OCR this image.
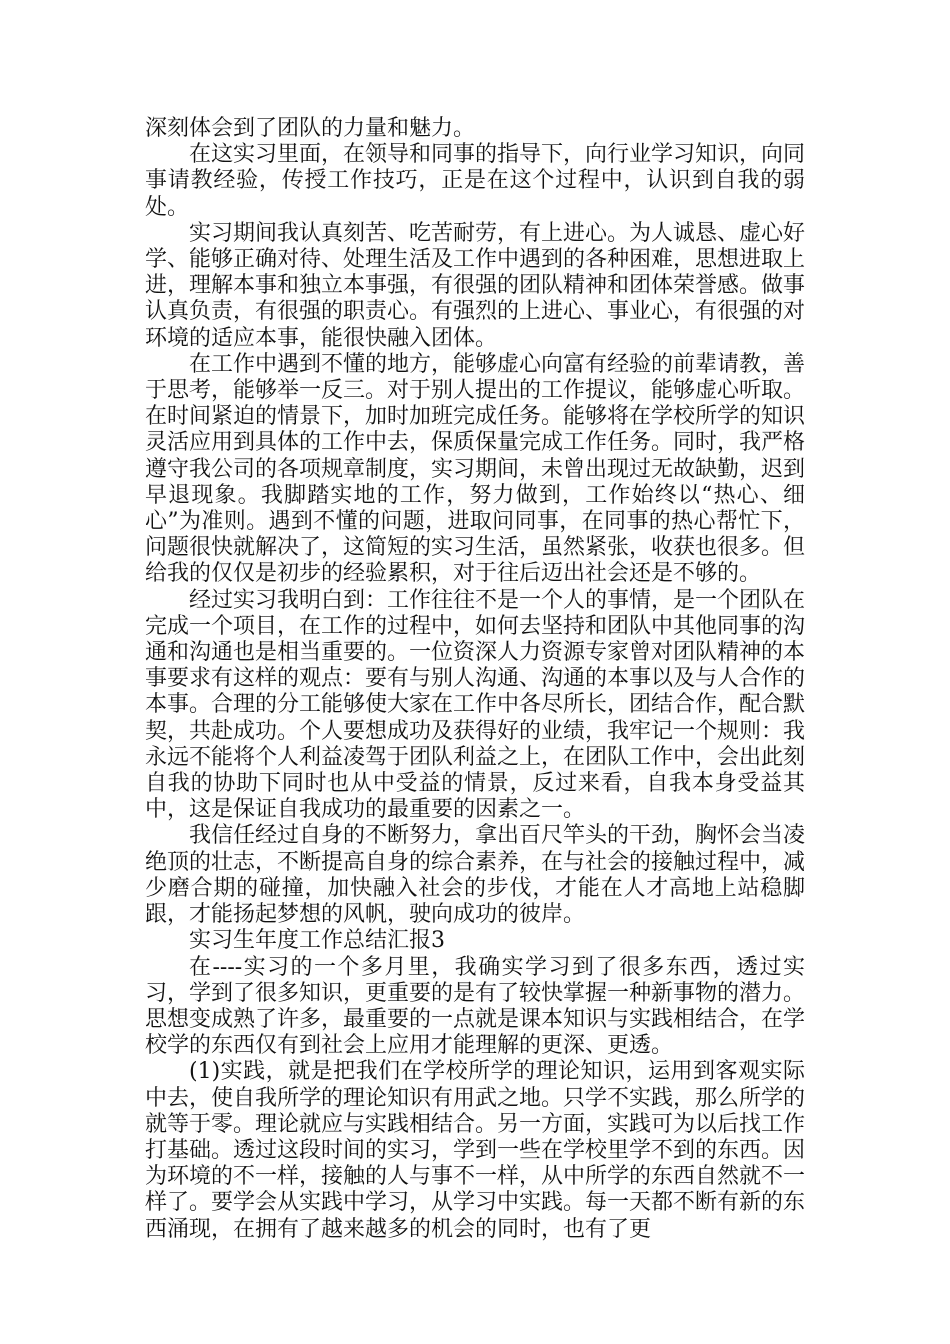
深刻体会到了团队的力量和魅力。

在这实习里面，在领导和同事的指导下，向行业学习知识，向同事请教经验，传授工作技巧，正是在这个过程中，认识到自我的弱处。

实习期间我认真刻苦、吃苦耐劳，有上进心。为人诚恳、虚心好学、能够正确对待、处理生活及工作中遇到的各种困难，思想进取上进，理解本事和独立本事强，有很强的团队精神和团体荣誉感。做事认真负责，有很强的职责心。有强烈的上进心、事业心，有很强的对环境的适应本事，能很快融入团体。

在工作中遇到不懂的地方，能够虚心向富有经验的前辈请教，善于思考，能够举一反三。对于别人提出的工作提议，能够虚心听取。在时间紧迫的情景下，加时加班完成任务。能够将在学校所学的知识灵活应用到具体的工作中去，保质保量完成工作任务。同时，我严格遵守我公司的各项规章制度，实习期间，未曾出现过无故缺勤，迟到早退现象。我脚踏实地的工作，努力做到，工作始终以“热心、细心”为准则。遇到不懂的问题，进取问同事，在同事的热心帮忙下，问题很快就解决了，这简短的实习生活，虽然紧张，收获也很多。但给我的仅仅是初步的经验累积，对于往后迈出社会还是不够的。

经过实习我明白到：工作往往不是一个人的事情，是一个团队在完成一个项目，在工作的过程中，如何去坚持和团队中其他同事的沟通和沟通也是相当重要的。一位资深人力资源专家曾对团队精神的本事要求有这样的观点：要有与别人沟通、沟通的本事以及与人合作的本事。合理的分工能够使大家在工作中各尽所长，团结合作，配合默契，共赴成功。个人要想成功及获得好的业绩，我牢记一个规则：我永远不能将个人利益凌驾于团队利益之上，在团队工作中，会出此刻自我的协助下同时也从中受益的情景，反过来看，自我本身受益其中，这是保证自我成功的最重要的因素之一。

我信任经过自身的不断努力，拿出百尺竿头的干劲，胸怀会当凌绝顶的壮志，不断提高自身的综合素养，在与社会的接触过程中，减少磨合期的碰撞，加快融入社会的步伐，才能在人才高地上站稳脚跟，才能扬起梦想的风帆，驶向成功的彼岸。

实习生年度工作总结汇报3

在----实习的一个多月里，我确实学习到了很多东西，透过实习，学到了很多知识，更重要的是有了较快掌握一种新事物的潜力。思想变成熟了许多，最重要的一点就是课本知识与实践相结合，在学校学的东西仅有到社会上应用才能理解的更深、更透。

(1)实践，就是把我们在学校所学的理论知识，运用到客观实际中去，使自我所学的理论知识有用武之地。只学不实践，那么所学的就等于零。理论就应与实践相结合。另一方面，实践可为以后找工作打基础。透过这段时间的实习，学到一些在学校里学不到的东西。因为环境的不一样，接触的人与事不一样，从中所学的东西自然就不一样了。要学会从实践中学习，从学习中实践。每一天都不断有新的东西涌现，在拥有了越来越多的机会的同时，也有了更
